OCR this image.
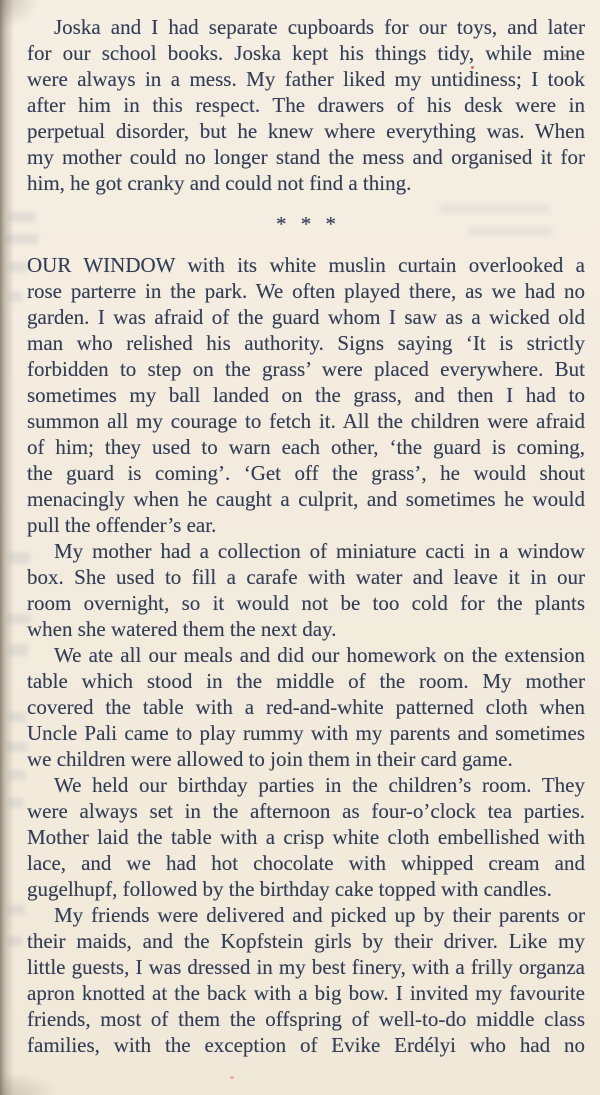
Joska and I had separate cupboards for our toys, and later
for our school books. Joska kept his things tidy, while mine
were always in a mess. My father liked my untidiness; I took
after him in this respect. The drawers of his desk were in
perpetual disorder, but he knew where everything was. When
my mother could no longer stand the mess and organised it for
him, he got cranky and could not find a thing.
* * *
OUR WINDOW with its white muslin curtain overlooked a
rose parterre in the park. We often played there, as we had no
garden. I was afraid of the guard whom I saw as a wicked old
man who relished his authority. Signs saying ‘It is strictly
forbidden to step on the grass’ were placed everywhere. But
sometimes my ball landed on the grass, and then I had to
summon all my courage to fetch it. All the children were afraid
of him; they used to warn each other, ‘the guard is coming,
the guard is coming’. ‘Get off the grass’, he would shout
menacingly when he caught a culprit, and sometimes he would
pull the offender’s ear.
My mother had a collection of miniature cacti in a window
box. She used to fill a carafe with water and leave it in our
room overnight, so it would not be too cold for the plants
when she watered them the next day.
We ate all our meals and did our homework on the extension
table which stood in the middle of the room. My mother
covered the table with a red-and-white patterned cloth when
Uncle Pali came to play rummy with my parents and sometimes
we children were allowed to join them in their card game.
We held our birthday parties in the children’s room. They
were always set in the afternoon as four-o’clock tea parties.
Mother laid the table with a crisp white cloth embellished with
lace, and we had hot chocolate with whipped cream and
gugelhupf, followed by the birthday cake topped with candles.
My friends were delivered and picked up by their parents or
their maids, and the Kopfstein girls by their driver. Like my
little guests, I was dressed in my best finery, with a frilly organza
apron knotted at the back with a big bow. I invited my favourite
friends, most of them the offspring of well-to-do middle class
families, with the exception of Evike Erdélyi who had no
